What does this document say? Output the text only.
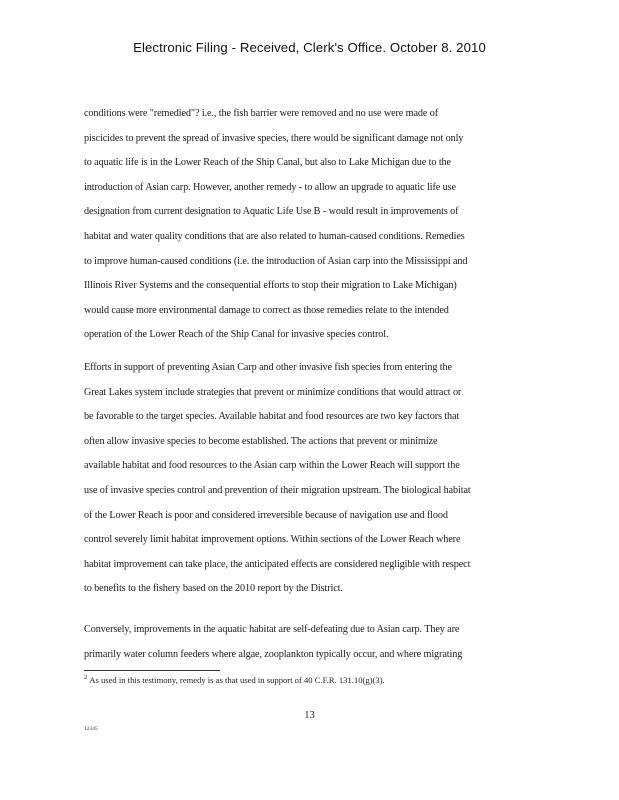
Electronic Filing - Received, Clerk's Office. October 8. 2010
conditions were "remedied"? i.e., the fish barrier were removed and no use were made of
piscicides to prevent the spread of invasive species, there would be significant damage not only
to aquatic life is in the Lower Reach of the Ship Canal, but also to Lake Michigan due to the
introduction of Asian carp. However, another remedy - to allow an upgrade to aquatic life use
designation from current designation to Aquatic Life Use B - would result in improvements of
habitat and water quality conditions that are also related to human-caused conditions. Remedies
to improve human-caused conditions (i.e. the introduction of Asian carp into the Mississippi and
Illinois River Systems and the consequential efforts to stop their migration to Lake Michigan)
would cause more environmental damage to correct as those remedies relate to the intended
operation of the Lower Reach of the Ship Canal for invasive species control.
Efforts in support of preventing Asian Carp and other invasive fish species from entering the
Great Lakes system include strategies that prevent or minimize conditions that would attract or
be favorable to the target species. Available habitat and food resources are two key factors that
often allow invasive species to become established. The actions that prevent or minimize
available habitat and food resources to the Asian carp within the Lower Reach will support the
use of invasive species control and prevention of their migration upstream. The biological habitat
of the Lower Reach is poor and considered irreversible because of navigation use and flood
control severely limit habitat improvement options. Within sections of the Lower Reach where
habitat improvement can take place, the anticipated effects are considered negligible with respect
to benefits to the fishery based on the 2010 report by the District.
Conversely, improvements in the aquatic habitat are self-defeating due to Asian carp. They are
primarily water column feeders where algae, zooplankton typically occur, and where migrating
$^2$ As used in this testimony, remedy is as that used in support of 40 C.F.R. 131.10(g)(3).
13
12345
